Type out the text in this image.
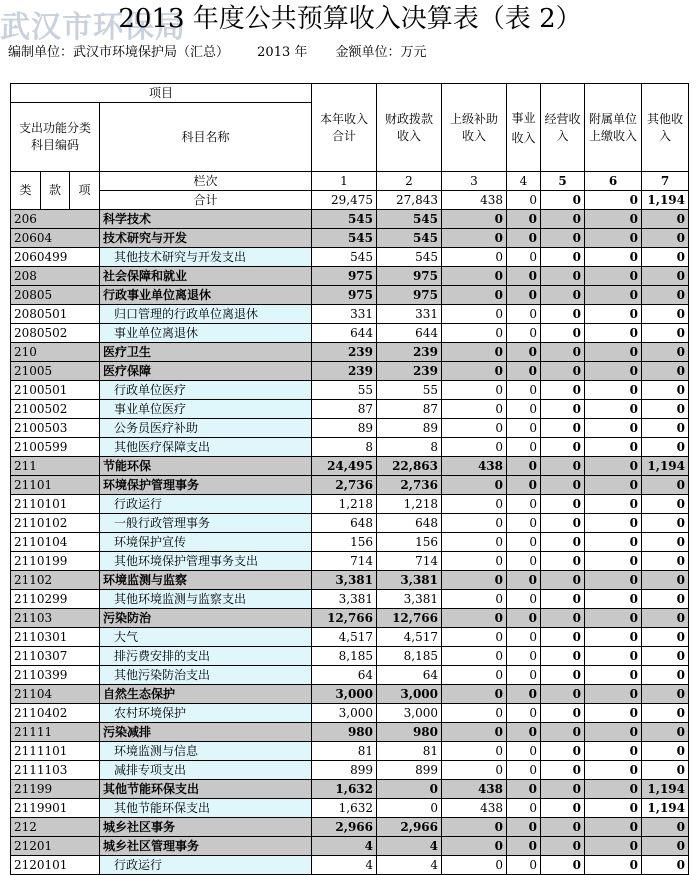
武汉市环保局
2013 年度公共预算收入决算表（表 2）
编制单位：武汉市环境保护局（汇总） 2013 年 金额单位：万元
项目				本年收入合计	财政拨款收入	上级补助收入	事业收入	经营收入	附属单位上缴收入	其他收入
支出功能分类科目编码			科目名称							
类	款	项	栏次	1	2	3	4	5	6	7
			合计	29,475	27,843	438	0	0	0	1,194
206			科学技术	545	545	0	0	0	0	0
20604			技术研究与开发	545	545	0	0	0	0	0
2060499			其他技术研究与开发支出	545	545	0	0	0	0	0
208			社会保障和就业	975	975	0	0	0	0	0
20805			行政事业单位离退休	975	975	0	0	0	0	0
2080501			归口管理的行政单位离退休	331	331	0	0	0	0	0
2080502			事业单位离退休	644	644	0	0	0	0	0
210			医疗卫生	239	239	0	0	0	0	0
21005			医疗保障	239	239	0	0	0	0	0
2100501			行政单位医疗	55	55	0	0	0	0	0
2100502			事业单位医疗	87	87	0	0	0	0	0
2100503			公务员医疗补助	89	89	0	0	0	0	0
2100599			其他医疗保障支出	8	8	0	0	0	0	0
211			节能环保	24,495	22,863	438	0	0	0	1,194
21101			环境保护管理事务	2,736	2,736	0	0	0	0	0
2110101			行政运行	1,218	1,218	0	0	0	0	0
2110102			一般行政管理事务	648	648	0	0	0	0	0
2110104			环境保护宣传	156	156	0	0	0	0	0
2110199			其他环境保护管理事务支出	714	714	0	0	0	0	0
21102			环境监测与监察	3,381	3,381	0	0	0	0	0
2110299			其他环境监测与监察支出	3,381	3,381	0	0	0	0	0
21103			污染防治	12,766	12,766	0	0	0	0	0
2110301			大气	4,517	4,517	0	0	0	0	0
2110307			排污费安排的支出	8,185	8,185	0	0	0	0	0
2110399			其他污染防治支出	64	64	0	0	0	0	0
21104			自然生态保护	3,000	3,000	0	0	0	0	0
2110402			农村环境保护	3,000	3,000	0	0	0	0	0
21111			污染减排	980	980	0	0	0	0	0
2111101			环境监测与信息	81	81	0	0	0	0	0
2111103			减排专项支出	899	899	0	0	0	0	0
21199			其他节能环保支出	1,632	0	438	0	0	0	1,194
2119901			其他节能环保支出	1,632	0	438	0	0	0	1,194
212			城乡社区事务	2,966	2,966	0	0	0	0	0
21201			城乡社区管理事务	4	4	0	0	0	0	0
2120101			行政运行	4	4	0	0	0	0	0
